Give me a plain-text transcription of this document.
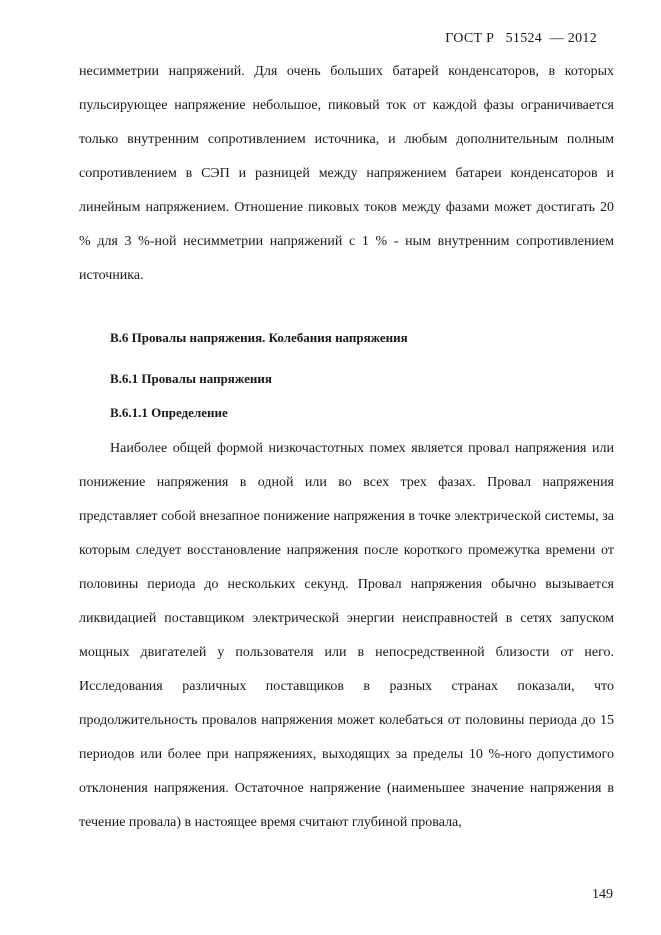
ГОСТ Р   51524  — 2012

несимметрии напряжений. Для очень больших батарей конденсаторов, в которых пульсирующее напряжение небольшое, пиковый ток от каждой фазы ограничивается только внутренним сопротивлением источника, и любым дополнительным полным сопротивлением в СЭП и разницей между напряжением батареи конденсаторов и линейным напряжением. Отношение пиковых токов между фазами может достигать 20 % для 3 %-ной несимметрии напряжений с 1 % - ным внутренним сопротивлением источника.

В.6 Провалы напряжения. Колебания напряжения
В.6.1 Провалы напряжения
В.6.1.1 Определение

Наиболее общей формой низкочастотных помех является провал напряжения или понижение напряжения в одной или во всех трех фазах. Провал напряжения представляет собой внезапное понижение напряжения в точке электрической системы, за которым следует восстановление напряжения после короткого промежутка времени от половины периода до нескольких секунд. Провал напряжения обычно вызывается ликвидацией поставщиком электрической энергии неисправностей в сетях запуском мощных двигателей у пользователя или в непосредственной близости от него. Исследования различных поставщиков в разных странах показали, что продолжительность провалов напряжения может колебаться от половины периода до 15 периодов или более при напряжениях, выходящих за пределы 10 %-ного допустимого отклонения напряжения. Остаточное напряжение (наименьшее значение напряжения в течение провала) в настоящее время считают глубиной провала,

149
